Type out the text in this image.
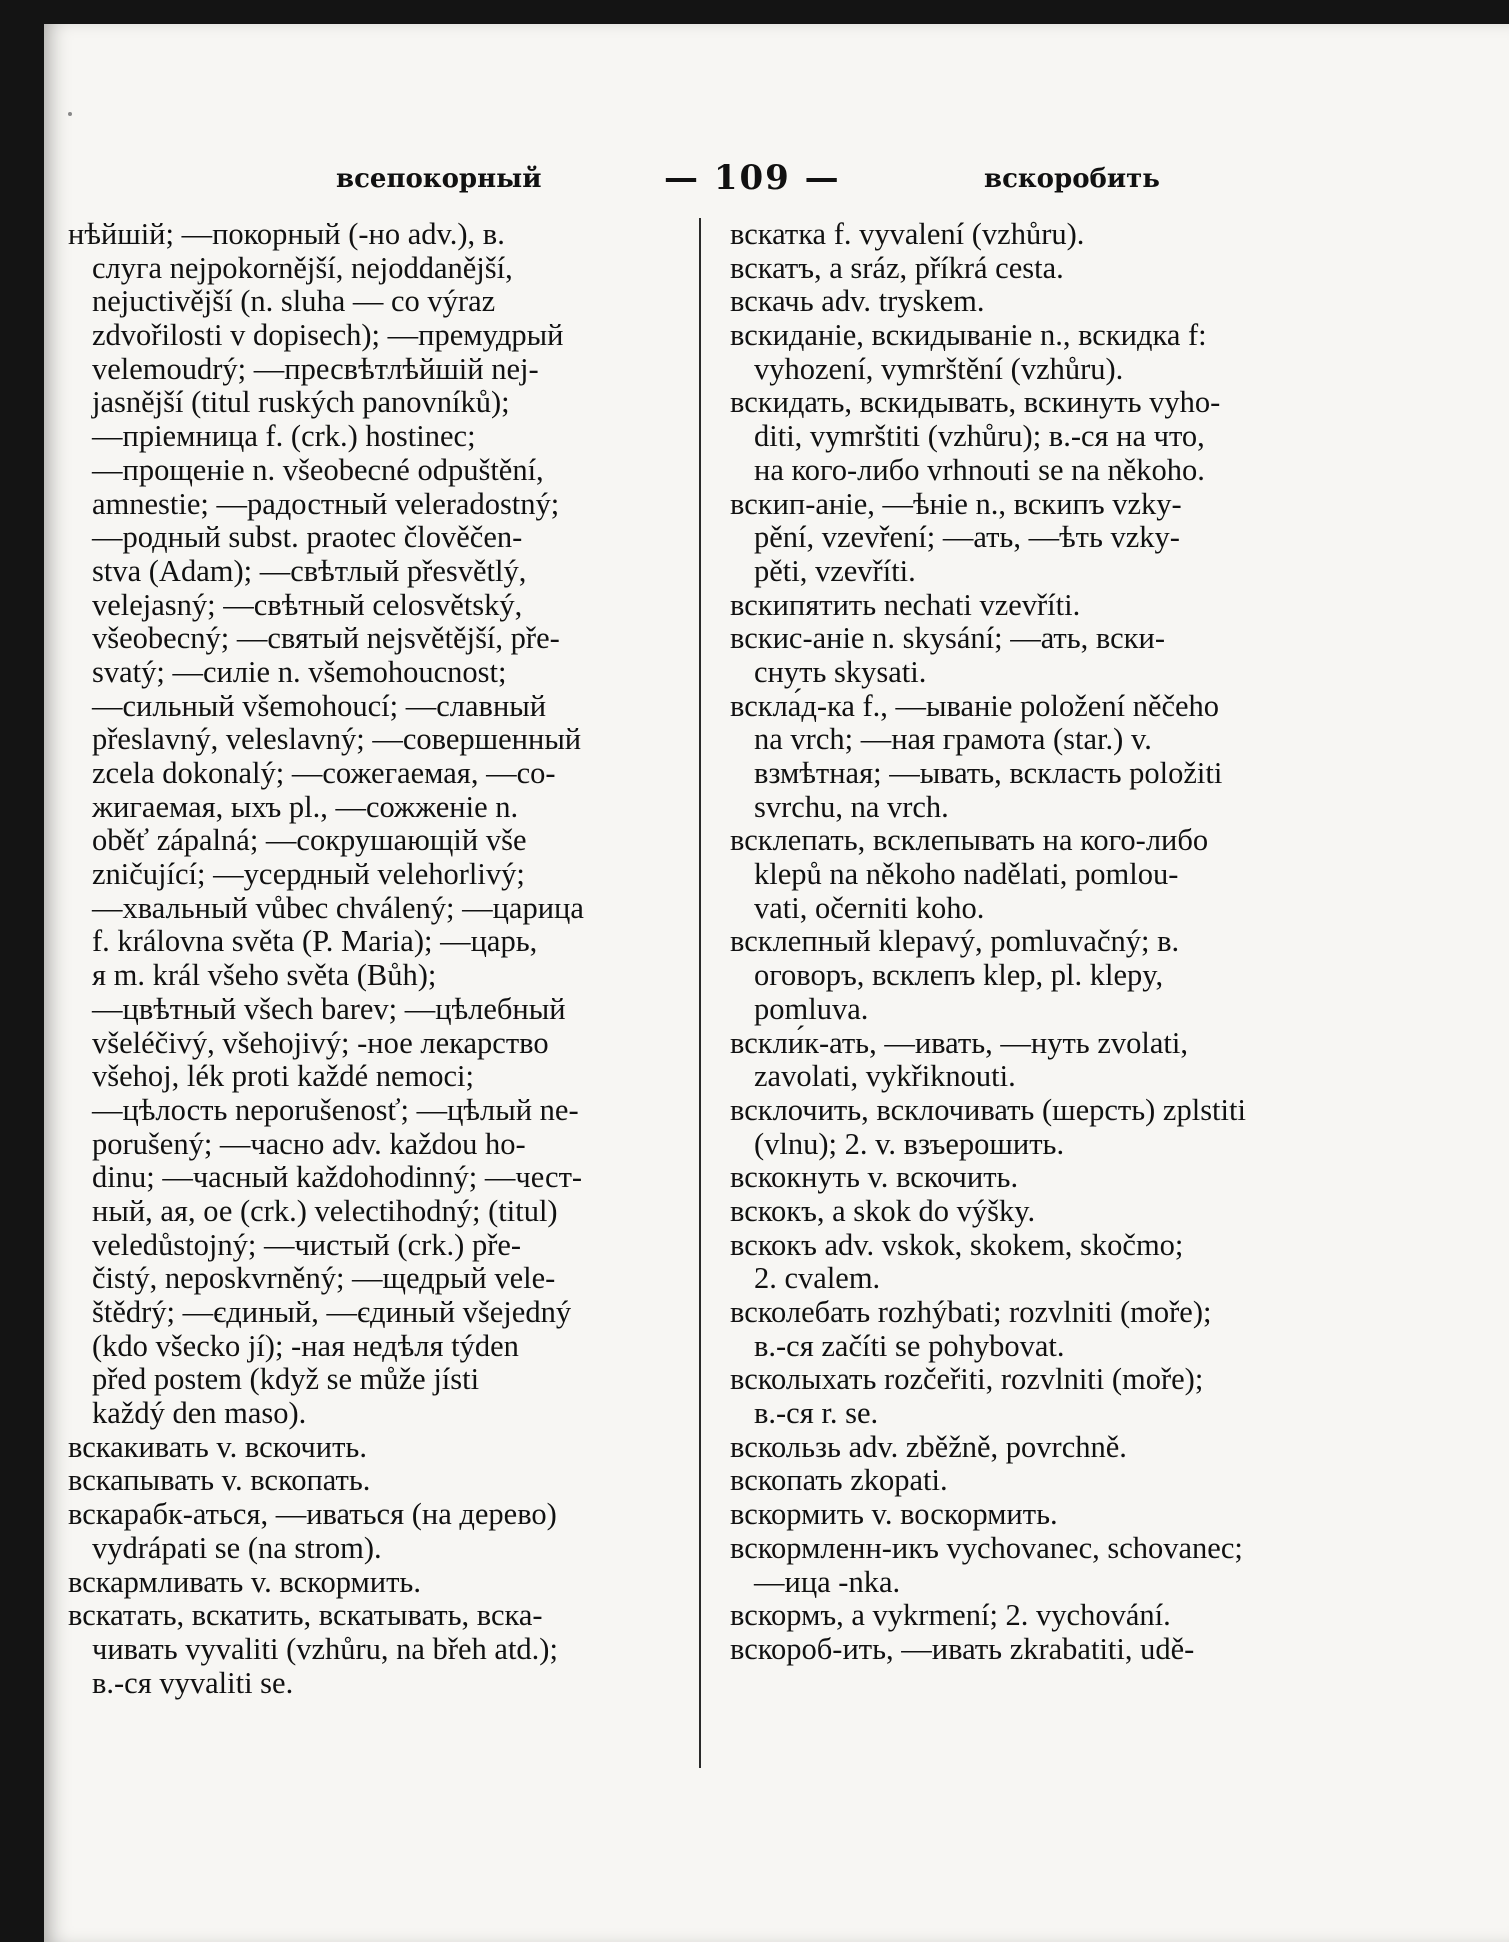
всепокорный	— 109 —	вскоробить
нѣйшій; —покорный (-но adv.), в.
слуга nejpokornější, nejoddanější,
nejuctivější (n. sluha — co výraz
zdvořilosti v dopisech); —премудрый
velemoudrý; —пресвѣтлѣйшій nej-
jasnější (titul ruských panovníků);
—пріемница f. (crk.) hostinec;
—прощеніе n. všeobecné odpuštění,
amnestie; —радостный veleradostný;
—родный subst. praotec člověčen-
stva (Adam); —свѣтлый přesvětlý,
velejasný; —свѣтный celosvětský,
všeobecný; —святый nejsvětější, pře-
svatý; —силіе n. všemohoucnost;
—сильный všemohoucí; —славный
přeslavný, veleslavný; —совершенный
zcela dokonalý; —сожегаемая, —со-
жигаемая, ыхъ pl., —сожженіе n.
oběť zápalná; —сокрушающій vše
zničující; —усердный velehorlivý;
—хвальный vůbec chválený; —царица
f. královna světa (P. Maria); —царь,
я m. král všeho světa (Bůh);
—цвѣтный všech barev; —цѣлебный
všeléčivý, všehojivý; -ное лекарство
všehoj, lék proti každé nemoci;
—цѣлость neporušenosť; —цѣлый ne-
porušený; —часно adv. každou ho-
dinu; —часный každohodinný; —чест-
ный, ая, ое (crk.) velectihodný; (titul)
veledůstojný; —чистый (crk.) pře-
čistý, neposkvrněný; —щедрый vele-
štědrý; —єдиный, —єдиный všejedný
(kdo všecko jí); -ная недѣля týden
před postem (když se může jísti
každý den maso).
вскакивать v. вскочить.
вскапывать v. вскопать.
вскарабк-аться, —иваться (на дерево)
vydrápati se (na strom).
вскармливать v. вскормить.
вскатать, вскатить, вскатывать, вска-
чивать vyvaliti (vzhůru, na břeh atd.);
в.-ся vyvaliti se.
вскатка f. vyvalení (vzhůru).
вскатъ, а sráz, příkrá cesta.
вскачь adv. tryskem.
вскиданіе, вскидываніе n., вскидка f:
vyhození, vymrštění (vzhůru).
вскидать, вскидывать, вскинуть vyho-
diti, vymrštiti (vzhůru); в.-ся на что,
на кого-либо vrhnouti se na někoho.
вскип-аніе, —ѣніе n., вскипъ vzky-
pění, vzevření; —ать, —ѣть vzky-
pěti, vzevříti.
вскипятить nechati vzevříti.
вскис-аніе n. skysání; —ать, вски-
снуть skysati.
вскла́д-ка f., —ываніе položení něčeho
na vrch; —ная грамота (star.) v.
взмѣтная; —ывать, вскласть položiti
svrchu, na vrch.
всклепать, всклепывать на кого-либо
klepů na někoho nadělati, pomlou-
vati, očerniti koho.
всклепный klepavý, pomluvačný; в.
оговоръ, всклепъ klep, pl. klepy,
pomluva.
вскли́к-ать, —ивать, —нуть zvolati,
zavolati, vykřiknouti.
всклочить, всклочивать (шерсть) zplstiti
(vlnu); 2. v. взъерошить.
вскокнуть v. вскочить.
вскокъ, а skok do výšky.
вскокъ adv. vskok, skokem, skočmo;
2. cvalem.
всколебать rozhýbati; rozvlniti (moře);
в.-ся začíti se pohybovat.
всколыхать rozčeřiti, rozvlniti (moře);
в.-ся r. se.
вскользь adv. zběžně, povrchně.
вскопать zkopati.
вскормить v. воскормить.
вскормленн-икъ vychovanec, schovanec;
—ица -nka.
вскормъ, а vykrmení; 2. vychování.
вскороб-ить, —ивать zkrabatiti, udě-
